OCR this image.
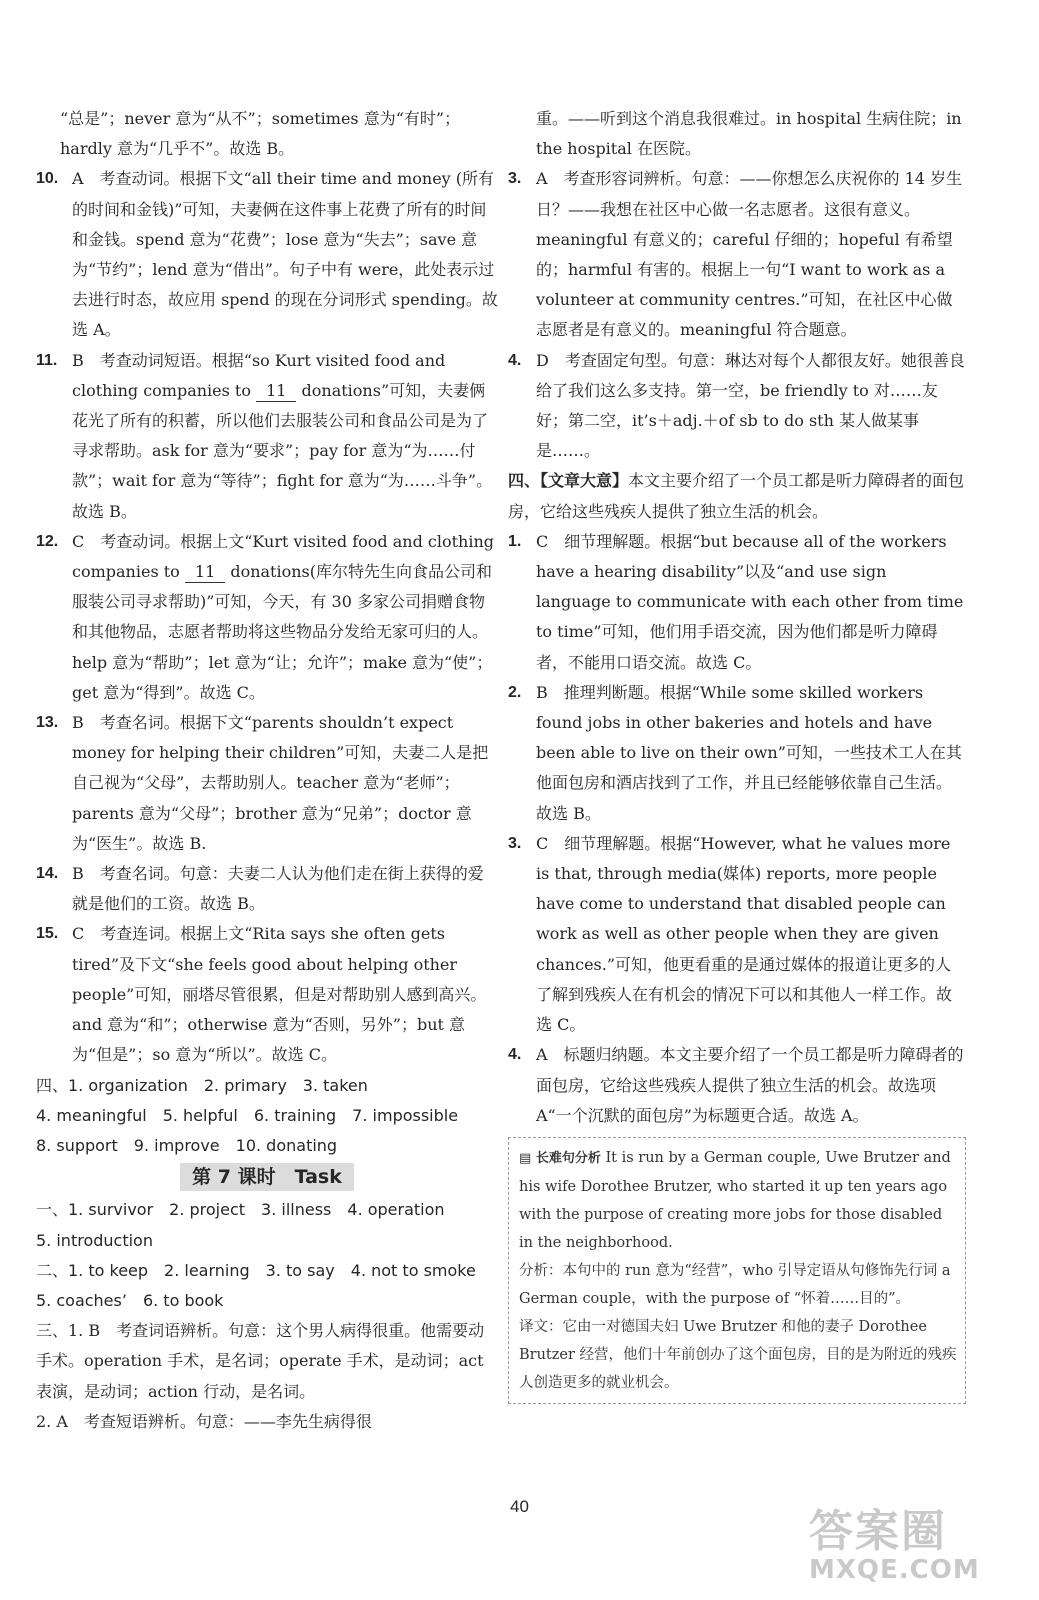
“总是”；never 意为“从不”；sometimes 意为“有时”；hardly 意为“几乎不”。故选 B。
10. A　考查动词。根据下文“all their time and money (所有的时间和金钱)”可知，夫妻俩在这件事上花费了所有的时间和金钱。spend 意为“花费”；lose 意为“失去”；save 意为“节约”；lend 意为“借出”。句子中有 were，此处表示过去进行时态，故应用 spend 的现在分词形式 spending。故选 A。
11. B　考查动词短语。根据“so Kurt visited food and clothing companies to 11 donations”可知，夫妻俩花光了所有的积蓄，所以他们去服装公司和食品公司是为了寻求帮助。ask for 意为“要求”；pay for 意为“为……付款”；wait for 意为“等待”；fight for 意为“为……斗争”。故选 B。
12. C　考查动词。根据上文“Kurt visited food and clothing companies to 11 donations(库尔特先生向食品公司和服装公司寻求帮助)”可知，今天，有 30 多家公司捐赠食物和其他物品，志愿者帮助将这些物品分发给无家可归的人。help 意为“帮助”；let 意为“让；允许”；make 意为“使”；get 意为“得到”。故选 C。
13. B　考查名词。根据下文“parents shouldn’t expect money for helping their children”可知，夫妻二人是把自己视为“父母”，去帮助别人。teacher 意为“老师”；parents 意为“父母”；brother 意为“兄弟”；doctor 意为“医生”。故选 B.
14. B　考查名词。句意：夫妻二人认为他们走在街上获得的爱就是他们的工资。故选 B。
15. C　考查连词。根据上文“Rita says she often gets tired”及下文“she feels good about helping other people”可知，丽塔尽管很累，但是对帮助别人感到高兴。and 意为“和”；otherwise 意为“否则，另外”；but 意为“但是”；so 意为“所以”。故选 C。
四、1. organization　2. primary　3. taken
4. meaningful　5. helpful　6. training　7. impossible
8. support　9. improve　10. donating
第 7 课时　Task
一、1. survivor　2. project　3. illness　4. operation
5. introduction
二、1. to keep　2. learning　3. to say　4. not to smoke
5. coaches’　6. to book
三、1. B　考查词语辨析。句意：这个男人病得很重。他需要动手术。operation 手术，是名词；operate 手术，是动词；act 表演，是动词；action 行动，是名词。
2. A　考查短语辨析。句意：——李先生病得很
重。——听到这个消息我很难过。in hospital 生病住院；in the hospital 在医院。
3. A　考查形容词辨析。句意：——你想怎么庆祝你的 14 岁生日？——我想在社区中心做一名志愿者。这很有意义。meaningful 有意义的；careful 仔细的；hopeful 有希望的；harmful 有害的。根据上一句“I want to work as a volunteer at community centres.”可知，在社区中心做志愿者是有意义的。meaningful 符合题意。
4. D　考查固定句型。句意：琳达对每个人都很友好。她很善良给了我们这么多支持。第一空，be friendly to 对……友好；第二空，it’s＋adj.＋of sb to do sth 某人做某事是……。
四、【文章大意】本文主要介绍了一个员工都是听力障碍者的面包房，它给这些残疾人提供了独立生活的机会。
1. C　细节理解题。根据“but because all of the workers have a hearing disability”以及“and use sign language to communicate with each other from time to time”可知，他们用手语交流，因为他们都是听力障碍者，不能用口语交流。故选 C。
2. B　推理判断题。根据“While some skilled workers found jobs in other bakeries and hotels and have been able to live on their own”可知，一些技术工人在其他面包房和酒店找到了工作，并且已经能够依靠自己生活。故选 B。
3. C　细节理解题。根据“However, what he values more is that, through media(媒体) reports, more people have come to understand that disabled people can work as well as other people when they are given chances.”可知，他更看重的是通过媒体的报道让更多的人了解到残疾人在有机会的情况下可以和其他人一样工作。故选 C。
4. A　标题归纳题。本文主要介绍了一个员工都是听力障碍者的面包房，它给这些残疾人提供了独立生活的机会。故选项 A“一个沉默的面包房”为标题更合适。故选 A。
▤ 长难句分析 It is run by a German couple, Uwe Brutzer and his wife Dorothee Brutzer, who started it up ten years ago with the purpose of creating more jobs for those disabled in the neighborhood.
分析：本句中的 run 意为“经营”，who 引导定语从句修饰先行词 a German couple，with the purpose of “怀着……目的”。
译文：它由一对德国夫妇 Uwe Brutzer 和他的妻子 Dorothee Brutzer 经营，他们十年前创办了这个面包房，目的是为附近的残疾人创造更多的就业机会。
40	答案圈
MXQE.COM
